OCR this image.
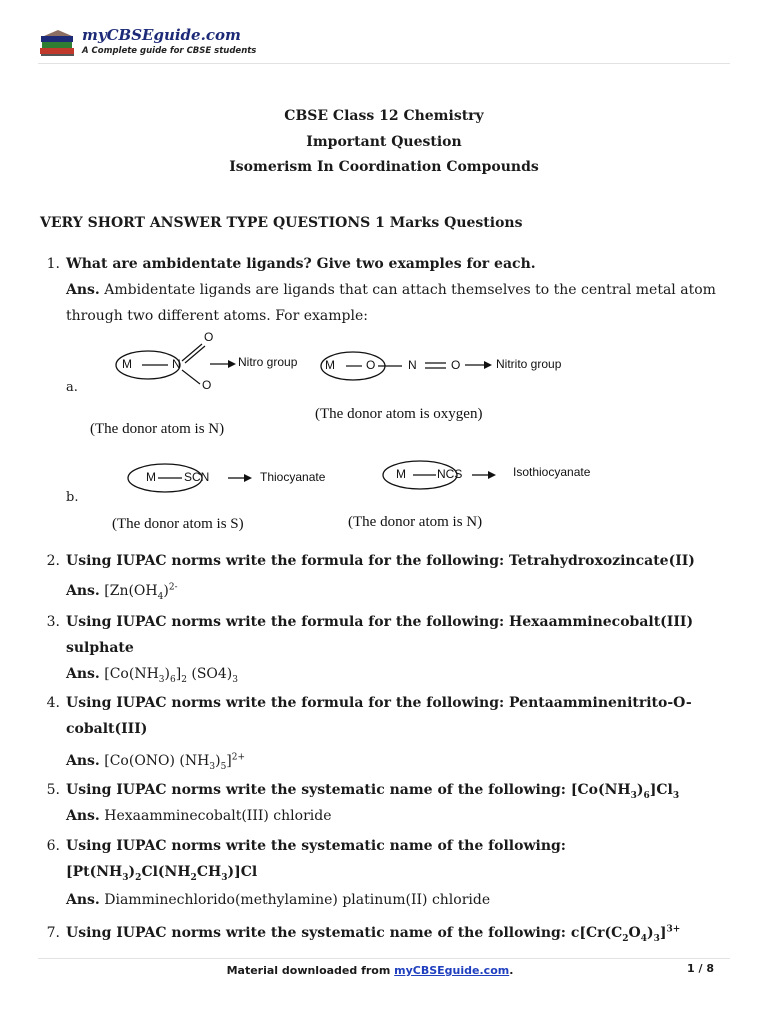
myCBSEguide.com
A Complete guide for CBSE students
CBSE Class 12 Chemistry
Important Question
Isomerism In Coordination Compounds
VERY SHORT ANSWER TYPE QUESTIONS 1 Marks Questions
1. What are ambidentate ligands? Give two examples for each.
Ans. Ambidentate ligands are ligands that can attach themselves to the central metal atom through two different atoms. For example:
a.
M	N
O
O
Nitro group M	O	N	O	Nitrito group
(The donor atom is N)
(The donor atom is oxygen)
b.
M SCN	Thiocyanate	M	NCS	Isothiocyanate
(The donor atom is S)	(The donor atom is N)
2. Using IUPAC norms write the formula for the following: Tetrahydroxozincate(II)
Ans. [$Zn(OH_4)^{2-}$
3. Using IUPAC norms write the formula for the following: Hexaamminecobalt(III) sulphate
Ans. $[Co(NH_3)_6]_2$ $(SO4)_3$
4. Using IUPAC norms write the formula for the following: Pentaamminenitrito-O-cobalt(III)
Ans. [Co(ONO) $(NH_3)_5]^{2+}$
5. Using IUPAC norms write the systematic name of the following: $[Co(NH_3)_6]Cl_3$
Ans. Hexaamminecobalt(III) chloride
6. Using IUPAC norms write the systematic name of the following:
$[Pt(NH_3)_2Cl(NH_2CH_3)]Cl$
Ans. Diamminechlorido(methylamine) platinum(II) chloride
7. Using IUPAC norms write the systematic name of the following: $c[Cr(C_2O_4)_3]^{3+}$
Material downloaded from myCBSEguide.com.	1 / 8
